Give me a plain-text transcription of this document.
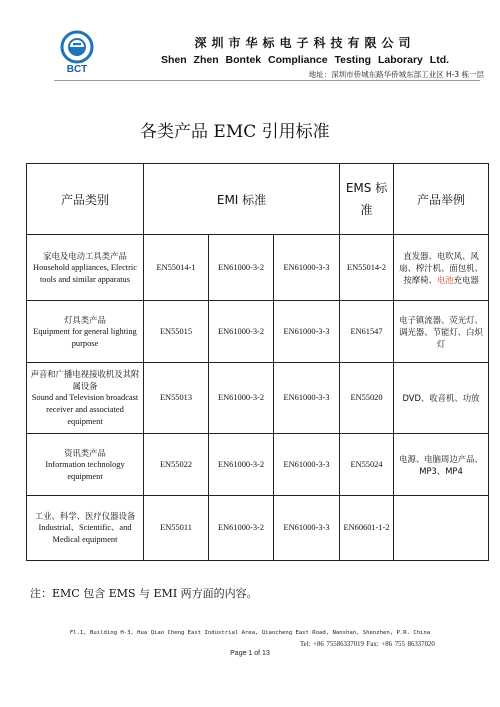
BCT
深圳市华标电子科技有限公司
Shen Zhen Bontek Compliance Testing Laborary Ltd.
地址：深圳市侨城东路华侨城东部工业区 H-3 栋一层
各类产品 EMC 引用标准
产品类别	EMI 标准			EMS 标准	产品举例

家电及电动工具类产品
Household appliances, Electric tools and similar apparatus	EN55014-1	EN61000-3-2	EN61000-3-3	EN55014-2	直发器、电吹风、风扇、榨汁机、面包机、按摩椅、电池充电器

灯具类产品
Equipment for general lighting purpose	EN55015	EN61000-3-2	EN61000-3-3	EN61547	电子镇流器、荧光灯、调光器、节能灯、白炽灯

声音和广播电视接收机及其附属设备
Sound and Television broadcast receiver and associated equipment	EN55013	EN61000-3-2	EN61000-3-3	EN55020	DVD、收音机、功放

资讯类产品
Information technology equipment	EN55022	EN61000-3-2	EN61000-3-3	EN55024	电源、电脑周边产品、MP3、MP4

工业、科学、医疗仪器设备
Industrial、Scientific、and Medical equipment	EN55011	EN61000-3-2	EN61000-3-3	EN60601-1-2	
注：EMC 包含 EMS 与 EMI 两方面的内容。
Fl.1, Building H-3, Hua Qiao Cheng East Industrial Area, Qiaocheng East Road, Nanshan, Shenzhen, P.R. China
Tel: +86 75586337019 Fax: +86 755 86337020
Page 1 of 13
